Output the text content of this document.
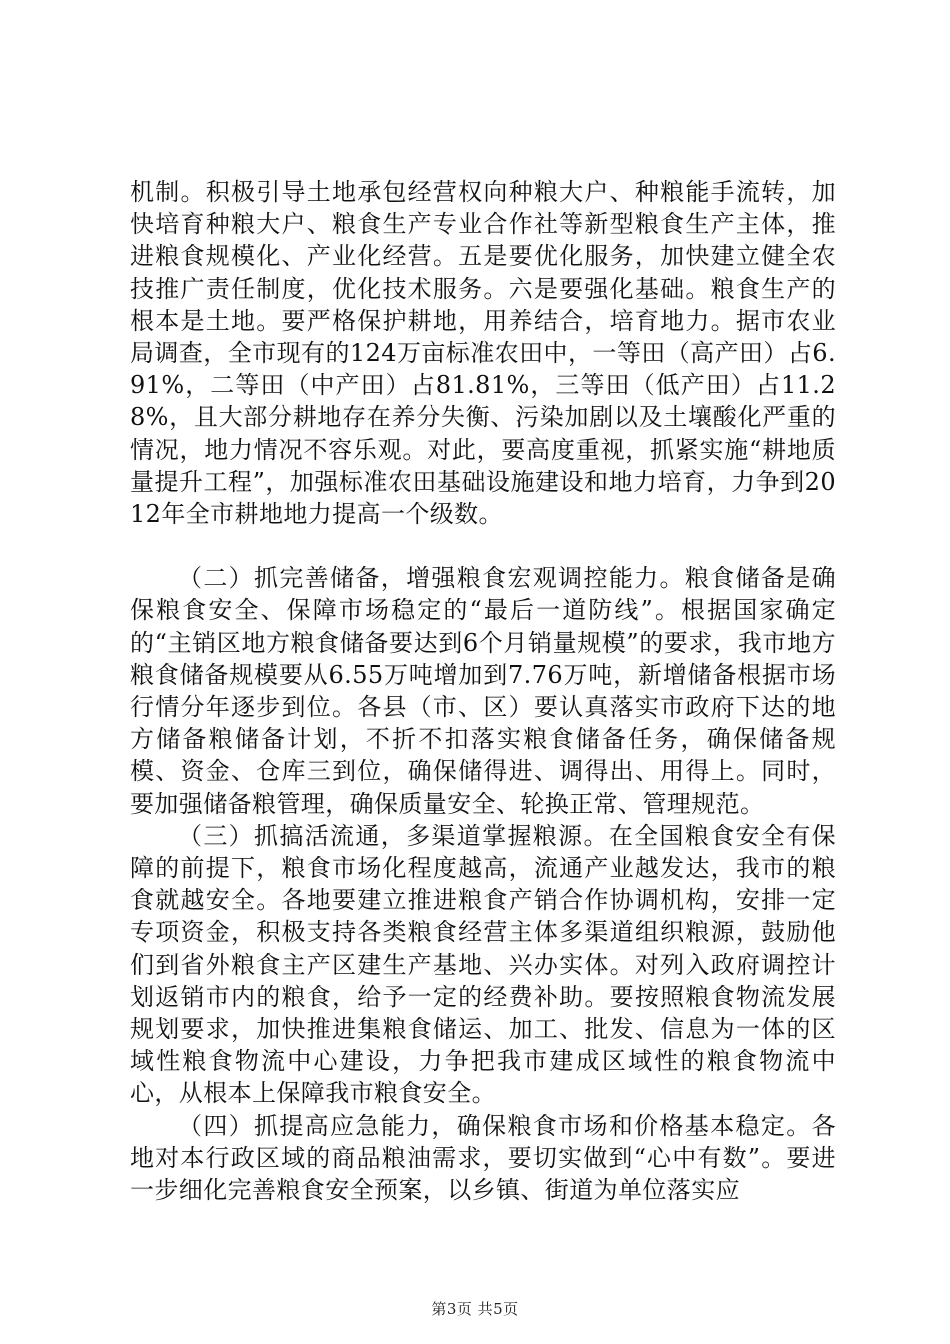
机制。积极引导土地承包经营权向种粮大户、种粮能手流转，加快培育种粮大户、粮食生产专业合作社等新型粮食生产主体，推进粮食规模化、产业化经营。五是要优化服务，加快建立健全农技推广责任制度，优化技术服务。六是要强化基础。粮食生产的根本是土地。要严格保护耕地，用养结合，培育地力。据市农业局调查，全市现有的124万亩标准农田中，一等田（高产田）占6.91%，二等田（中产田）占81.81%，三等田（低产田）占11.28%，且大部分耕地存在养分失衡、污染加剧以及土壤酸化严重的情况，地力情况不容乐观。对此，要高度重视，抓紧实施“耕地质量提升工程”，加强标准农田基础设施建设和地力培育，力争到2012年全市耕地地力提高一个级数。

（二）抓完善储备，增强粮食宏观调控能力。粮食储备是确保粮食安全、保障市场稳定的“最后一道防线”。根据国家确定的“主销区地方粮食储备要达到6个月销量规模”的要求，我市地方粮食储备规模要从6.55万吨增加到7.76万吨，新增储备根据市场行情分年逐步到位。各县（市、区）要认真落实市政府下达的地方储备粮储备计划，不折不扣落实粮食储备任务，确保储备规模、资金、仓库三到位，确保储得进、调得出、用得上。同时，要加强储备粮管理，确保质量安全、轮换正常、管理规范。

（三）抓搞活流通，多渠道掌握粮源。在全国粮食安全有保障的前提下，粮食市场化程度越高，流通产业越发达，我市的粮食就越安全。各地要建立推进粮食产销合作协调机构，安排一定专项资金，积极支持各类粮食经营主体多渠道组织粮源，鼓励他们到省外粮食主产区建生产基地、兴办实体。对列入政府调控计划返销市内的粮食，给予一定的经费补助。要按照粮食物流发展规划要求，加快推进集粮食储运、加工、批发、信息为一体的区域性粮食物流中心建设，力争把我市建成区域性的粮食物流中心，从根本上保障我市粮食安全。

（四）抓提高应急能力，确保粮食市场和价格基本稳定。各地对本行政区域的商品粮油需求，要切实做到“心中有数”。要进一步细化完善粮食安全预案，以乡镇、街道为单位落实应

第3页 共5页
